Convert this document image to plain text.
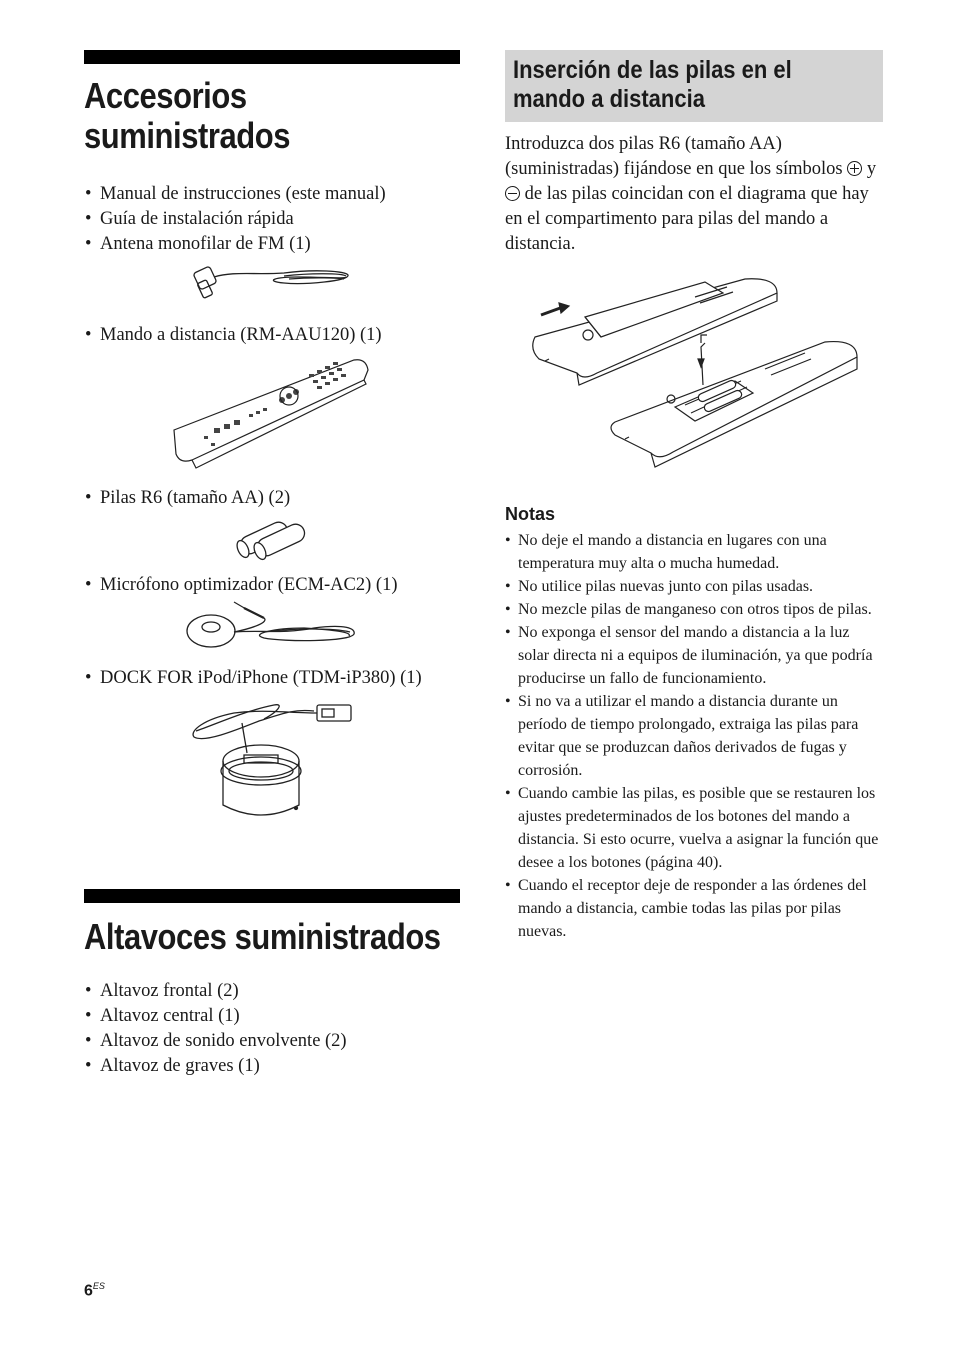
Accesorios
suministrados
• Manual de instrucciones (este manual)
• Guía de instalación rápida
• Antena monofilar de FM (1)
• Mando a distancia (RM-AAU120) (1)
• Pilas R6 (tamaño AA) (2)
• Micrófono optimizador (ECM-AC2) (1)
• DOCK FOR iPod/iPhone (TDM-iP380) (1)
Altavoces suministrados
• Altavoz frontal (2)
• Altavoz central (1)
• Altavoz de sonido envolvente (2)
• Altavoz de graves (1)
Inserción de las pilas en el
mando a distancia

Introduzca dos pilas R6 (tamaño AA) (suministradas) fijándose en que los símbolos y  de las pilas coincidan con el diagrama que hay en el compartimento para pilas del mando a distancia.

Notas
• No deje el mando a distancia en lugares con una temperatura muy alta o mucha humedad.
• No utilice pilas nuevas junto con pilas usadas.
• No mezcle pilas de manganeso con otros tipos de pilas.
• No exponga el sensor del mando a distancia a la luz solar directa ni a equipos de iluminación, ya que podría producirse un fallo de funcionamiento.
• Si no va a utilizar el mando a distancia durante un período de tiempo prolongado, extraiga las pilas para evitar que se produzcan daños derivados de fugas y corrosión.
• Cuando cambie las pilas, es posible que se restauren los ajustes predeterminados de los botones del mando a distancia. Si esto ocurre, vuelva a asignar la función que desee a los botones (página 40).
• Cuando el receptor deje de responder a las órdenes del mando a distancia, cambie todas las pilas por pilas nuevas.
$6^{ES}$
